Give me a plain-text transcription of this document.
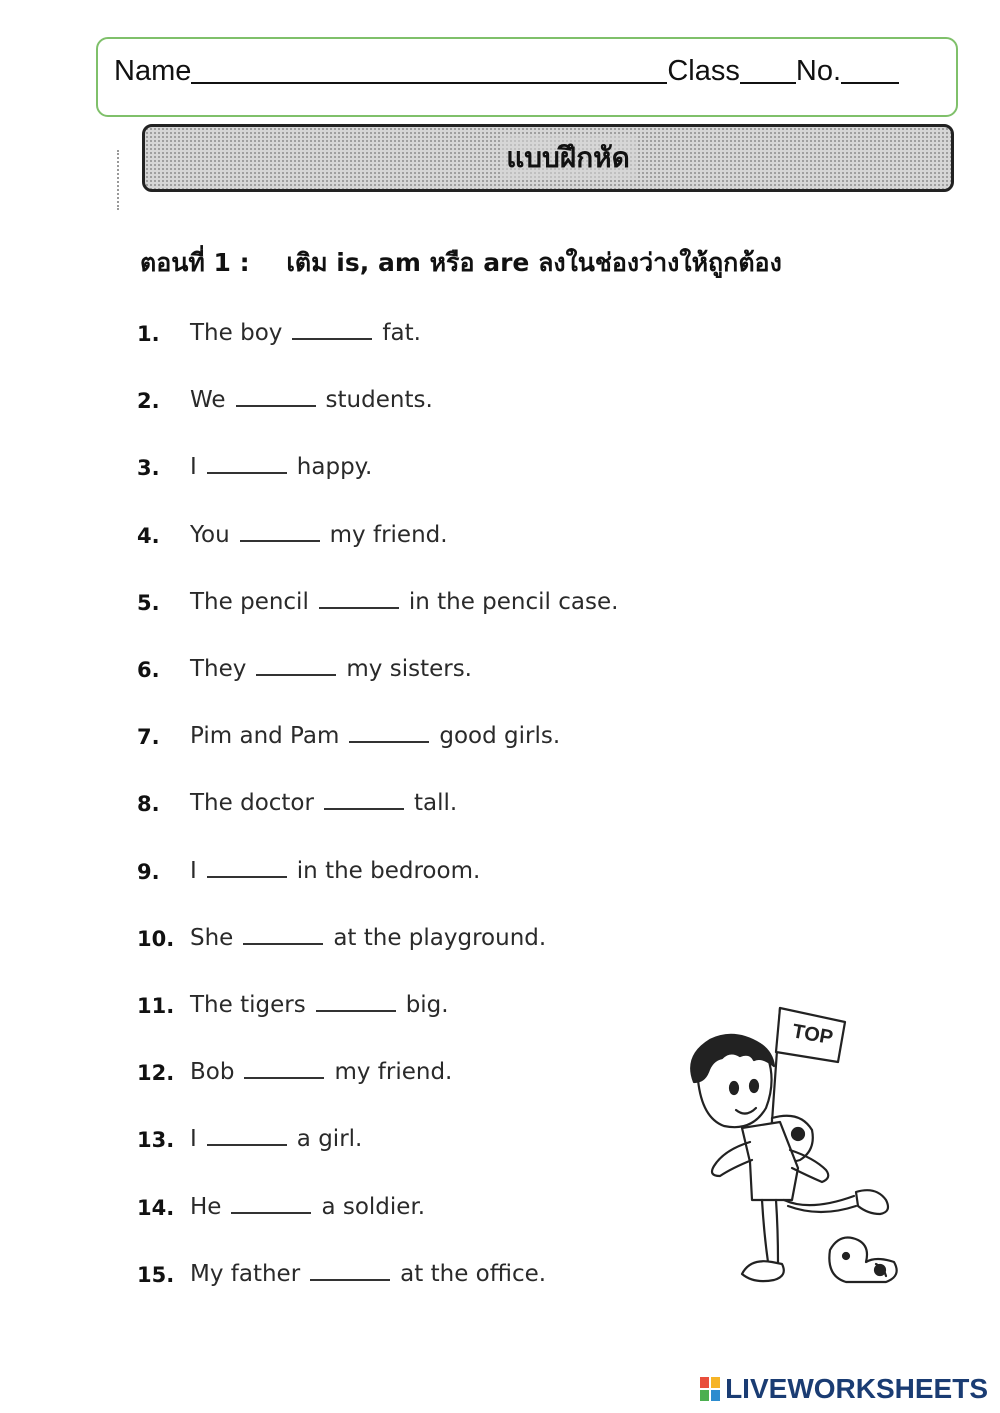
Name	Class No.
แบบฝึกหัด
ตอนที่ 1 : เติม is, am หรือ are ลงในช่องว่างให้ถูกต้อง
1.	The boy	fat.
2.	We	students.
3.	I	happy.
4.	You	my friend.
5.	The pencil	in the pencil case.
6.	They	my sisters.
7.	Pim and Pam	good girls.
8.	The doctor	tall.
9.	I	in the bedroom.
10. She	at the playground.
11. The tigers	big.
12. Bob	my friend.
13. I	a girl.
14. He	a soldier.
15. My father	at the office.
TOP
LIVEWORKSHEETS
